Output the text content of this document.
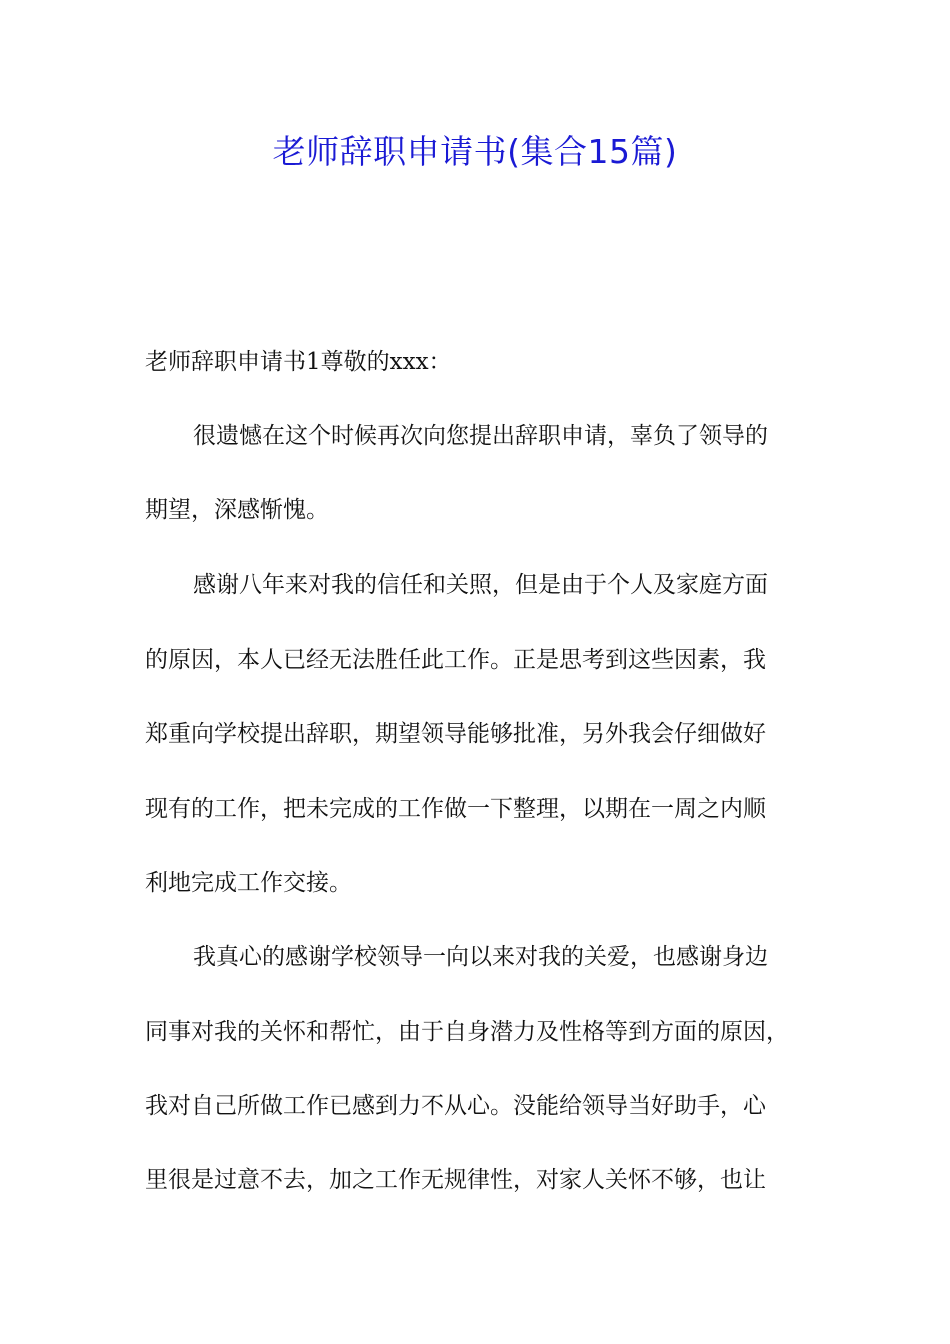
老师辞职申请书(集合15篇)
老师辞职申请书1尊敬的xxx：
很遗憾在这个时候再次向您提出辞职申请，辜负了领导的
期望，深感惭愧。
感谢八年来对我的信任和关照，但是由于个人及家庭方面
的原因，本人已经无法胜任此工作。正是思考到这些因素，我
郑重向学校提出辞职，期望领导能够批准，另外我会仔细做好
现有的工作，把未完成的工作做一下整理，以期在一周之内顺
利地完成工作交接。
我真心的感谢学校领导一向以来对我的关爱，也感谢身边
同事对我的关怀和帮忙，由于自身潜力及性格等到方面的原因，
我对自己所做工作已感到力不从心。没能给领导当好助手，心
里很是过意不去，加之工作无规律性，对家人关怀不够，也让
